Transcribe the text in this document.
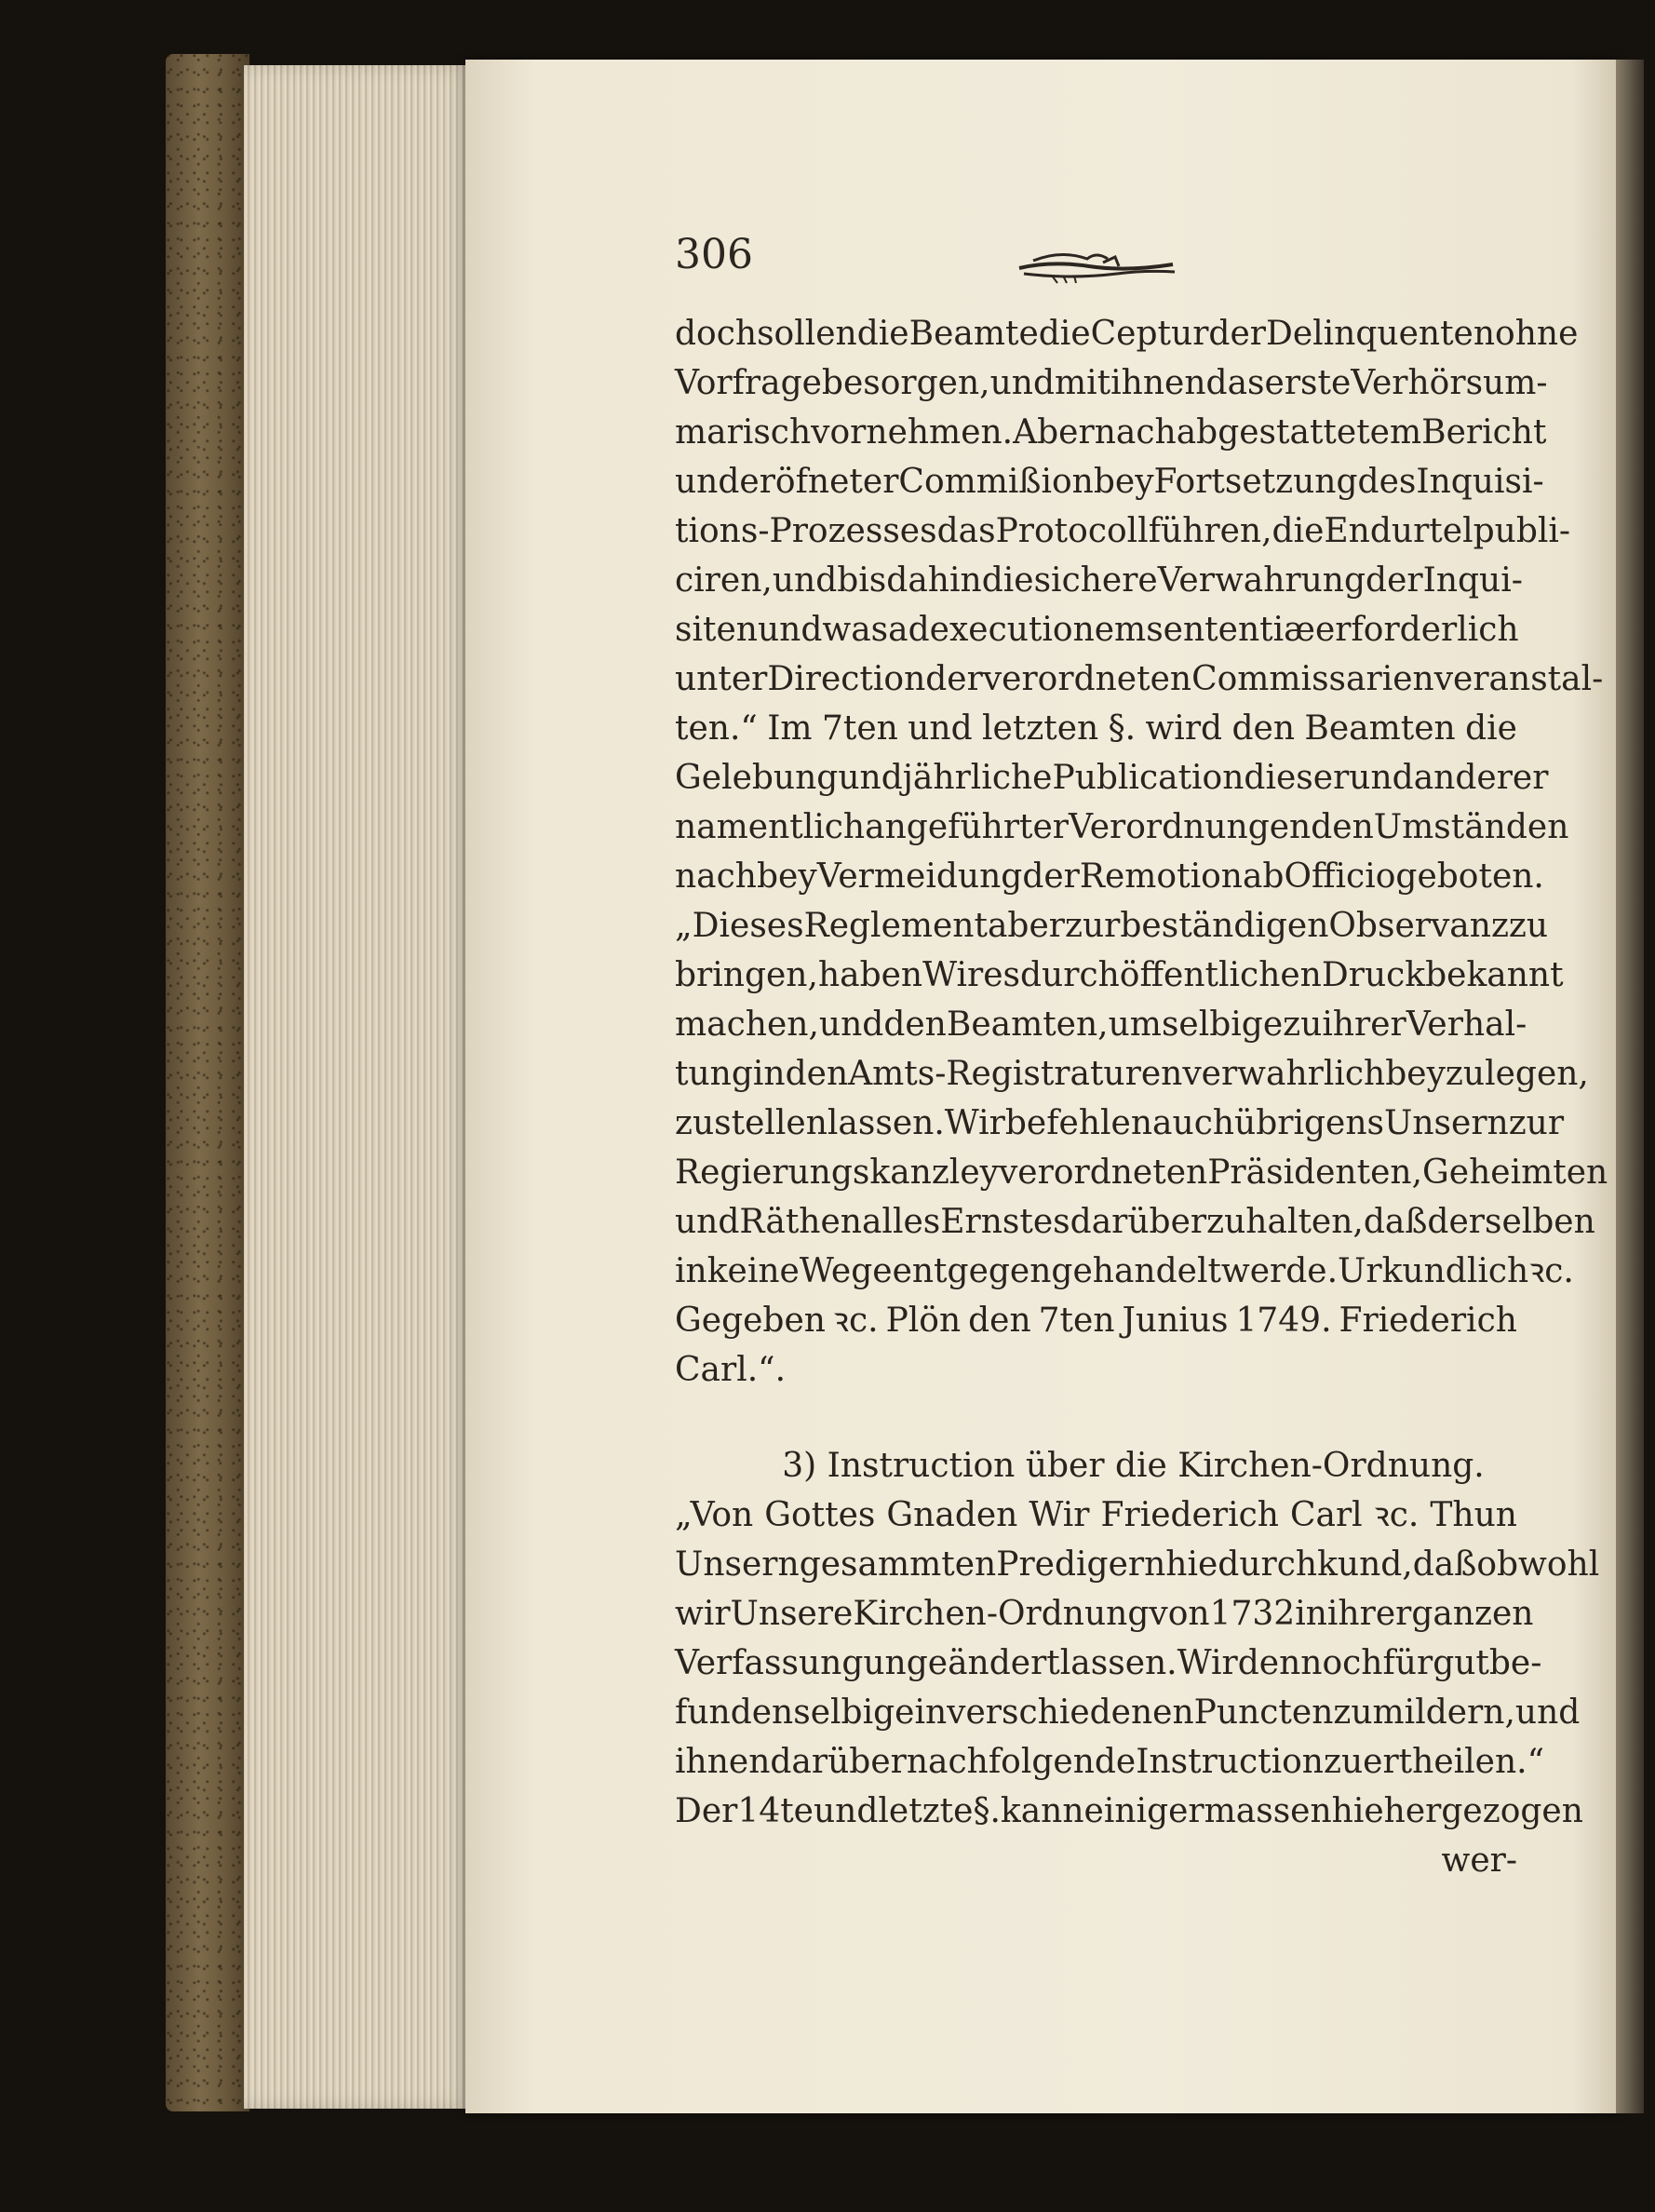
306
doch sollen die Beamte die Ceptur der Delinquenten ohne
Vorfrage besorgen, und mit ihnen das erste Verhör sum-
marisch vornehmen. Aber nach abgestattetem Bericht
und eröfneter Commißion bey Fortsetzung des Inquisi-
tions-Prozesses das Protocoll führen, die Endurtel publi-
ciren, und bis dahin die sichere Verwahrung der Inqui-
siten und was ad executionem sententiæ erforderlich
unter Direction der verordneten Commissarien veranstal-
ten.“ Im 7ten und letzten §. wird den Beamten die
Gelebung und jährliche Publication dieser und anderer
namentlich angeführter Verordnungen den Umständen
nach bey Vermeidung der Remotion ab Officio geboten.
„Dieses Reglement aber zur beständigen Observanz zu
bringen, haben Wir es durch öffentlichen Druck bekannt
machen, und den Beamten, um selbige zu ihrer Verhal-
tung in den Amts-Registraturen verwahrlich beyzulegen,
zustellen lassen. Wir befehlen auch übrigens Unsern zur
Regierungskanzley verordneten Präsidenten, Geheimten
und Räthen alles Ernstes darüber zu halten, daß derselben
in keine Wege entgegen gehandelt werde. Urkundlich ꝛc.
Gegeben ꝛc. Plön den 7ten Junius 1749. Friederich
Carl.“.
3) Instruction über die Kirchen-Ordnung.
„Von Gottes Gnaden Wir Friederich Carl ꝛc. Thun
Unsern gesammten Predigern hiedurch kund, daß obwohl
wir Unsere Kirchen-Ordnung von 1732 in ihrer ganzen
Verfassung ungeändert lassen. Wir dennoch für gut be-
funden selbige in verschiedenen Puncten zu mildern, und
ihnen darüber nachfolgende Instruction zu ertheilen.“
Der 14te und letzte §. kann einigermassen hieher gezogen
wer-
